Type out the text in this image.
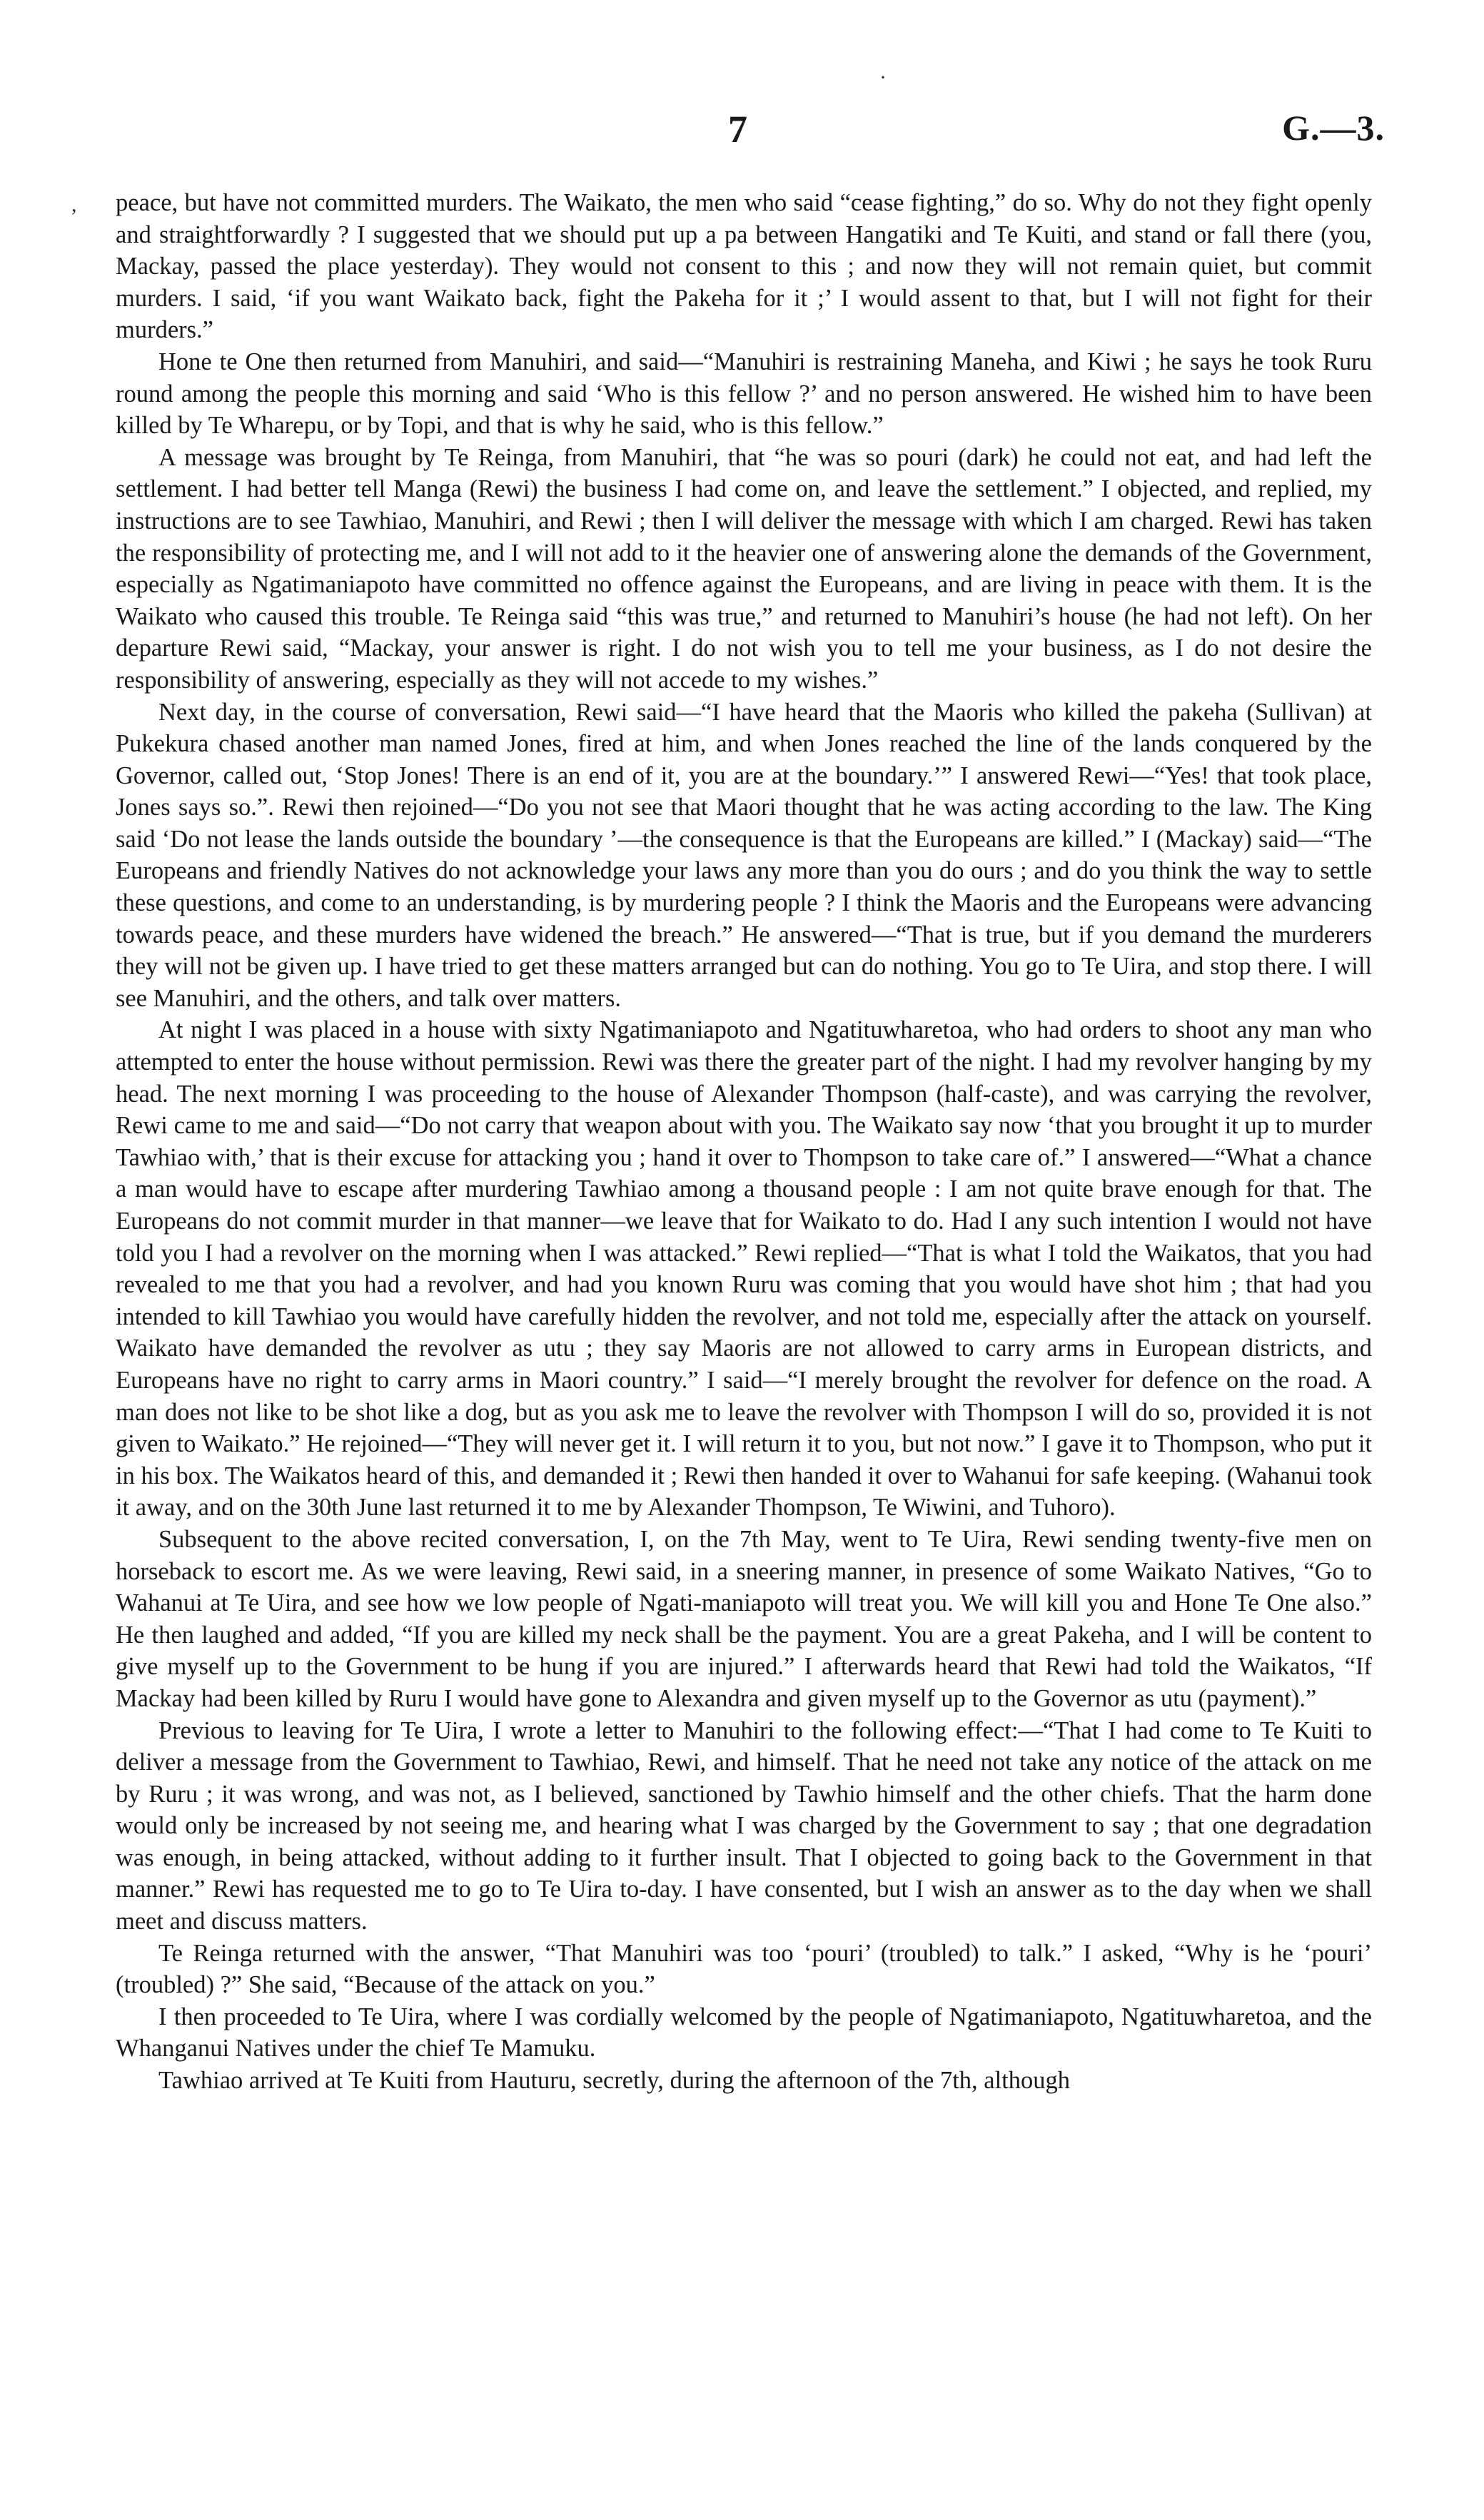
·
,
7	G.—3.

peace, but have not committed murders. The Waikato, the men who said “cease fighting,” do so. Why do not they fight openly and straightforwardly ? I suggested that we should put up a pa between Hangatiki and Te Kuiti, and stand or fall there (you, Mackay, passed the place yesterday). They would not consent to this ; and now they will not remain quiet, but commit murders. I said, ‘if you want Waikato back, fight the Pakeha for it ;’ I would assent to that, but I will not fight for their murders.”

Hone te One then returned from Manuhiri, and said—“Manuhiri is restraining Maneha, and Kiwi ; he says he took Ruru round among the people this morning and said ‘Who is this fellow ?’ and no person answered. He wished him to have been killed by Te Wharepu, or by Topi, and that is why he said, who is this fellow.”

A message was brought by Te Reinga, from Manuhiri, that “he was so pouri (dark) he could not eat, and had left the settlement. I had better tell Manga (Rewi) the business I had come on, and leave the settlement.” I objected, and replied, my instructions are to see Tawhiao, Manuhiri, and Rewi ; then I will deliver the message with which I am charged. Rewi has taken the responsibility of protecting me, and I will not add to it the heavier one of answering alone the demands of the Government, especially as Ngatimaniapoto have committed no offence against the Europeans, and are living in peace with them. It is the Waikato who caused this trouble. Te Reinga said “this was true,” and returned to Manuhiri’s house (he had not left). On her departure Rewi said, “Mackay, your answer is right. I do not wish you to tell me your business, as I do not desire the responsibility of answering, especially as they will not accede to my wishes.”

Next day, in the course of conversation, Rewi said—“I have heard that the Maoris who killed the pakeha (Sullivan) at Pukekura chased another man named Jones, fired at him, and when Jones reached the line of the lands conquered by the Governor, called out, ‘Stop Jones! There is an end of it, you are at the boundary.’” I answered Rewi—“Yes! that took place, Jones says so.”. Rewi then rejoined—“Do you not see that Maori thought that he was acting according to the law. The King said ‘Do not lease the lands outside the boundary ’—the consequence is that the Europeans are killed.” I (Mackay) said—“The Europeans and friendly Natives do not acknowledge your laws any more than you do ours ; and do you think the way to settle these questions, and come to an understanding, is by murdering people ? I think the Maoris and the Europeans were advancing towards peace, and these murders have widened the breach.” He answered—“That is true, but if you demand the murderers they will not be given up. I have tried to get these matters arranged but can do nothing. You go to Te Uira, and stop there. I will see Manuhiri, and the others, and talk over matters.

At night I was placed in a house with sixty Ngatimaniapoto and Ngatituwharetoa, who had orders to shoot any man who attempted to enter the house without permission. Rewi was there the greater part of the night. I had my revolver hanging by my head. The next morning I was proceeding to the house of Alexander Thompson (half-caste), and was carrying the revolver, Rewi came to me and said—“Do not carry that weapon about with you. The Waikato say now ‘that you brought it up to murder Tawhiao with,’ that is their excuse for attacking you ; hand it over to Thompson to take care of.” I answered—“What a chance a man would have to escape after murdering Tawhiao among a thousand people : I am not quite brave enough for that. The Europeans do not commit murder in that manner—we leave that for Waikato to do. Had I any such intention I would not have told you I had a revolver on the morning when I was attacked.” Rewi replied—“That is what I told the Waikatos, that you had revealed to me that you had a revolver, and had you known Ruru was coming that you would have shot him ; that had you intended to kill Tawhiao you would have carefully hidden the revolver, and not told me, especially after the attack on yourself. Waikato have demanded the revolver as utu ; they say Maoris are not allowed to carry arms in European districts, and Europeans have no right to carry arms in Maori country.” I said—“I merely brought the revolver for defence on the road. A man does not like to be shot like a dog, but as you ask me to leave the revolver with Thompson I will do so, provided it is not given to Waikato.” He rejoined—“They will never get it. I will return it to you, but not now.” I gave it to Thompson, who put it in his box. The Waikatos heard of this, and demanded it ; Rewi then handed it over to Wahanui for safe keeping. (Wahanui took it away, and on the 30th June last returned it to me by Alexander Thompson, Te Wiwini, and Tuhoro).

Subsequent to the above recited conversation, I, on the 7th May, went to Te Uira, Rewi sending twenty-five men on horseback to escort me. As we were leaving, Rewi said, in a sneering manner, in presence of some Waikato Natives, “Go to Wahanui at Te Uira, and see how we low people of Ngati-maniapoto will treat you. We will kill you and Hone Te One also.” He then laughed and added, “If you are killed my neck shall be the payment. You are a great Pakeha, and I will be content to give myself up to the Government to be hung if you are injured.” I afterwards heard that Rewi had told the Waikatos, “If Mackay had been killed by Ruru I would have gone to Alexandra and given myself up to the Governor as utu (payment).”

Previous to leaving for Te Uira, I wrote a letter to Manuhiri to the following effect:—“That I had come to Te Kuiti to deliver a message from the Government to Tawhiao, Rewi, and himself. That he need not take any notice of the attack on me by Ruru ; it was wrong, and was not, as I believed, sanctioned by Tawhio himself and the other chiefs. That the harm done would only be increased by not seeing me, and hearing what I was charged by the Government to say ; that one degradation was enough, in being attacked, without adding to it further insult. That I objected to going back to the Government in that manner.” Rewi has requested me to go to Te Uira to-day. I have consented, but I wish an answer as to the day when we shall meet and discuss matters.

Te Reinga returned with the answer, “That Manuhiri was too ‘pouri’ (troubled) to talk.” I asked, “Why is he ‘pouri’ (troubled) ?” She said, “Because of the attack on you.”

I then proceeded to Te Uira, where I was cordially welcomed by the people of Ngatimaniapoto, Ngatituwharetoa, and the Whanganui Natives under the chief Te Mamuku.

Tawhiao arrived at Te Kuiti from Hauturu, secretly, during the afternoon of the 7th, although
